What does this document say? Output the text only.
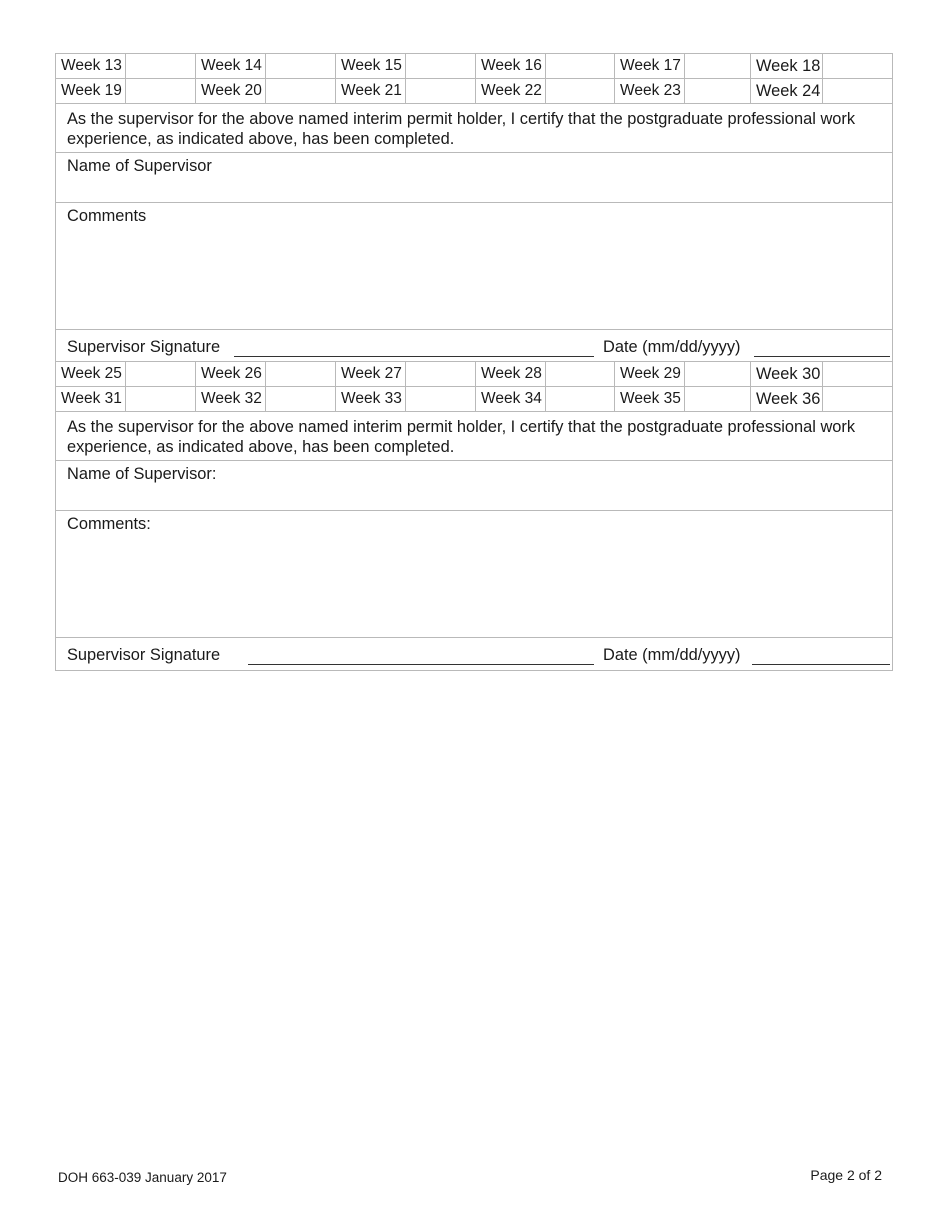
Week 13	Week 14	Week 15	Week 16	Week 17	Week 18
Week 19	Week 20	Week 21	Week 22	Week 23	Week 24
As the supervisor for the above named interim permit holder, I certify that the postgraduate professional work experience, as indicated above, has been completed.
Name of Supervisor
Comments
Supervisor Signature	Date (mm/dd/yyyy)
Week 25	Week 26	Week 27	Week 28	Week 29	Week 30
Week 31	Week 32	Week 33	Week 34	Week 35	Week 36
As the supervisor for the above named interim permit holder, I certify that the postgraduate professional work experience, as indicated above, has been completed.
Name of Supervisor:
Comments:
Supervisor Signature	Date (mm/dd/yyyy)
DOH 663-039 January 2017	Page 2 of 2
